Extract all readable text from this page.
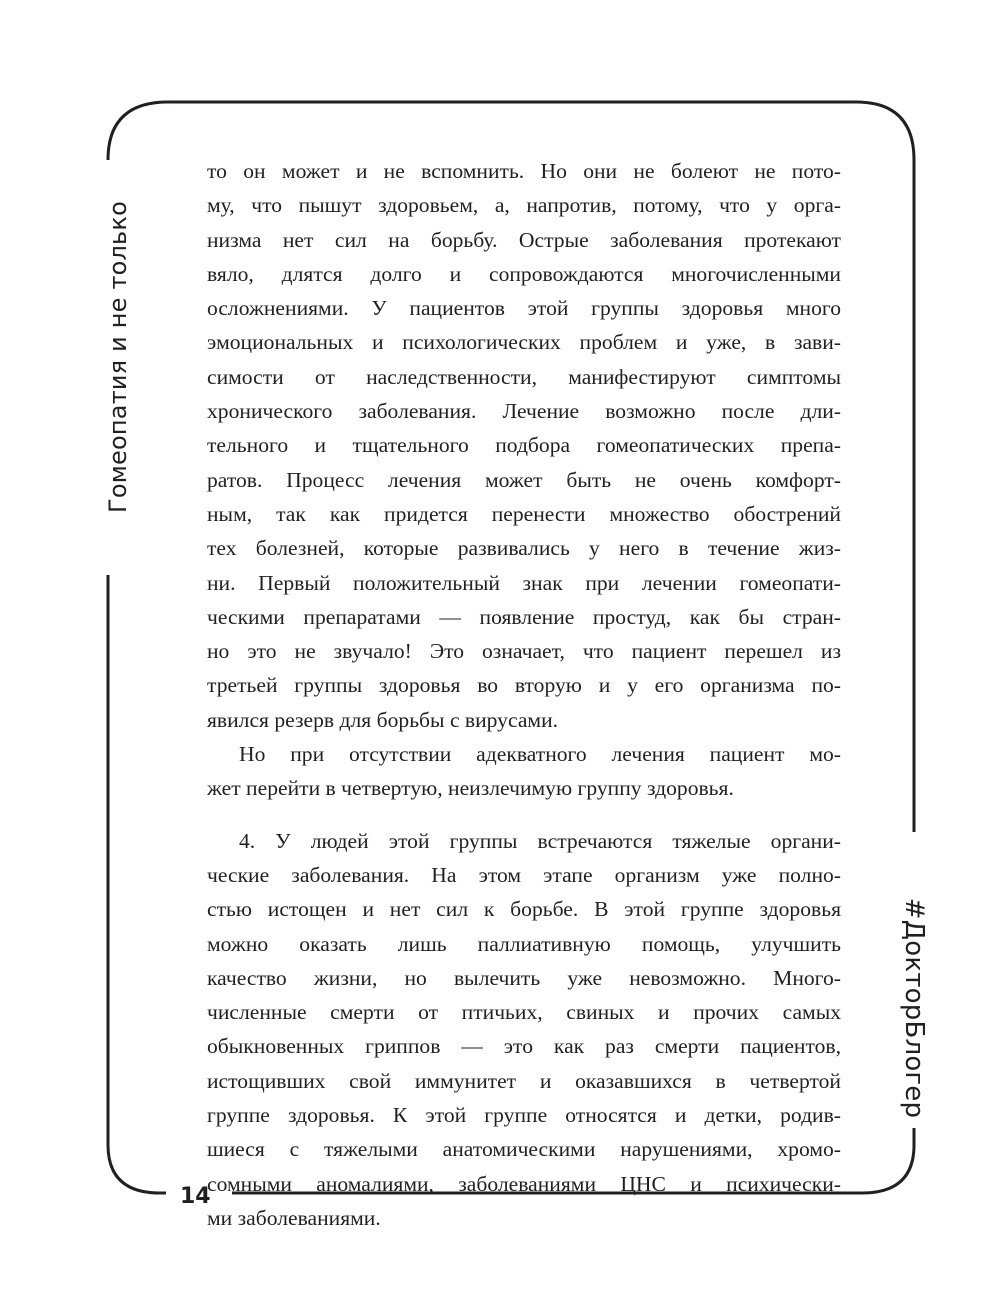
Гомеопатия и не только
#ДокторБлогер
14

то он может и не вспомнить. Но они не болеют не пото-
му, что пышут здоровьем, а, напротив, потому, что у орга-
низма нет сил на борьбу. Острые заболевания протекают
вяло, длятся долго и сопровождаются многочисленными
осложнениями. У пациентов этой группы здоровья много
эмоциональных и психологических проблем и уже, в зави-
симости от наследственности, манифестируют симптомы
хронического заболевания. Лечение возможно после дли-
тельного и тщательного подбора гомеопатических препа-
ратов. Процесс лечения может быть не очень комфорт-
ным, так как придется перенести множество обострений
тех болезней, которые развивались у него в течение жиз-
ни. Первый положительный знак при лечении гомеопати-
ческими препаратами — появление простуд, как бы стран-
но это не звучало! Это означает, что пациент перешел из
третьей группы здоровья во вторую и у его организма по-
явился резерв для борьбы с вирусами.

Но при отсутствии адекватного лечения пациент мо-
жет перейти в четвертую, неизлечимую группу здоровья.

4. У людей этой группы встречаются тяжелые органи-
ческие заболевания. На этом этапе организм уже полно-
стью истощен и нет сил к борьбе. В этой группе здоровья
можно оказать лишь паллиативную помощь, улучшить
качество жизни, но вылечить уже невозможно. Много-
численные смерти от птичьих, свиных и прочих самых
обыкновенных гриппов — это как раз смерти пациентов,
истощивших свой иммунитет и оказавшихся в четвертой
группе здоровья. К этой группе относятся и детки, родив-
шиеся с тяжелыми анатомическими нарушениями, хромо-
сомными аномалиями, заболеваниями ЦНС и психически-
ми заболеваниями.
